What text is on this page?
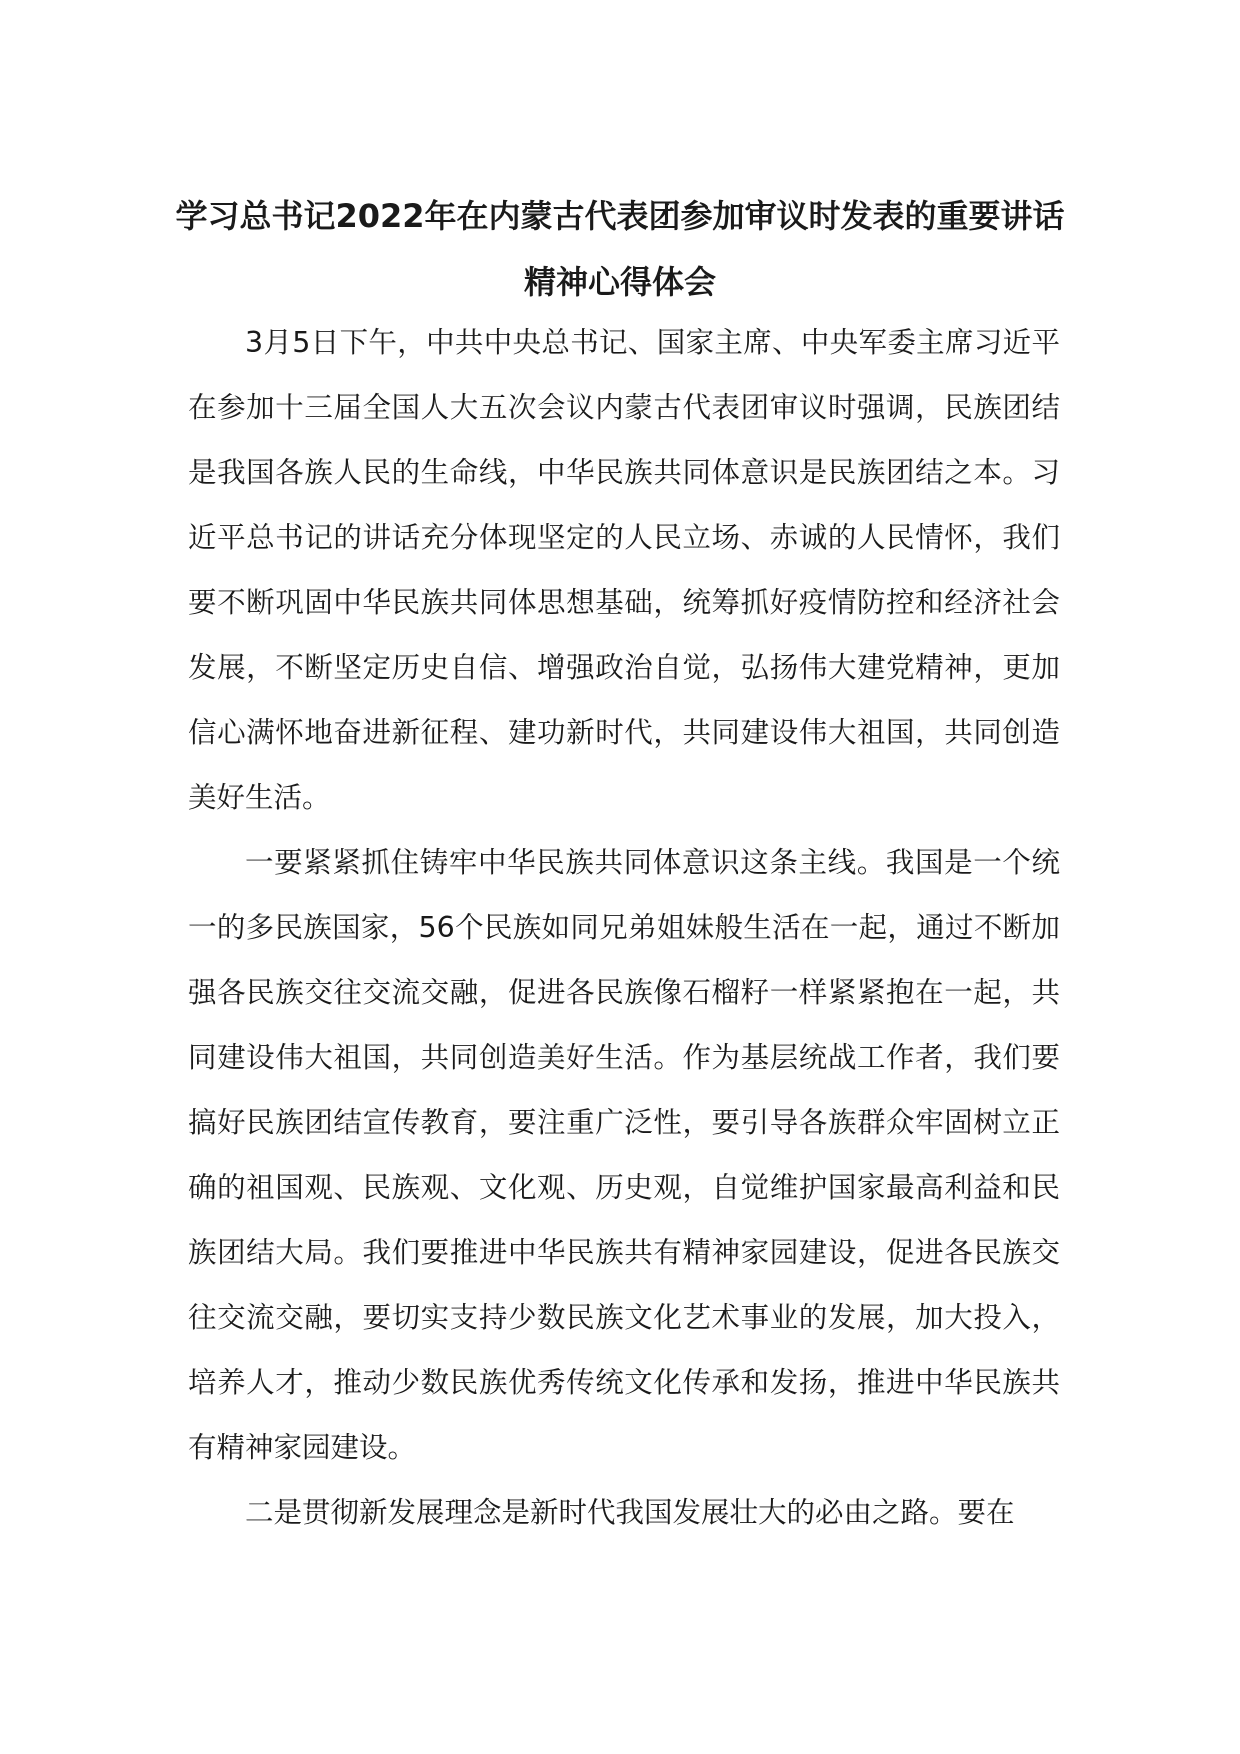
学习总书记2022年在内蒙古代表团参加审议时发表的重要讲话精神心得体会

3月5日下午，中共中央总书记、国家主席、中央军委主席习近平在参加十三届全国人大五次会议内蒙古代表团审议时强调，民族团结是我国各族人民的生命线，中华民族共同体意识是民族团结之本。习近平总书记的讲话充分体现坚定的人民立场、赤诚的人民情怀，我们要不断巩固中华民族共同体思想基础，统筹抓好疫情防控和经济社会发展，不断坚定历史自信、增强政治自觉，弘扬伟大建党精神，更加信心满怀地奋进新征程、建功新时代，共同建设伟大祖国，共同创造美好生活。

一要紧紧抓住铸牢中华民族共同体意识这条主线。我国是一个统一的多民族国家，56个民族如同兄弟姐妹般生活在一起，通过不断加强各民族交往交流交融，促进各民族像石榴籽一样紧紧抱在一起，共同建设伟大祖国，共同创造美好生活。作为基层统战工作者，我们要搞好民族团结宣传教育，要注重广泛性，要引导各族群众牢固树立正确的祖国观、民族观、文化观、历史观，自觉维护国家最高利益和民族团结大局。我们要推进中华民族共有精神家园建设，促进各民族交往交流交融，要切实支持少数民族文化艺术事业的发展，加大投入，培养人才，推动少数民族优秀传统文化传承和发扬，推进中华民族共有精神家园建设。

二是贯彻新发展理念是新时代我国发展壮大的必由之路。要在
